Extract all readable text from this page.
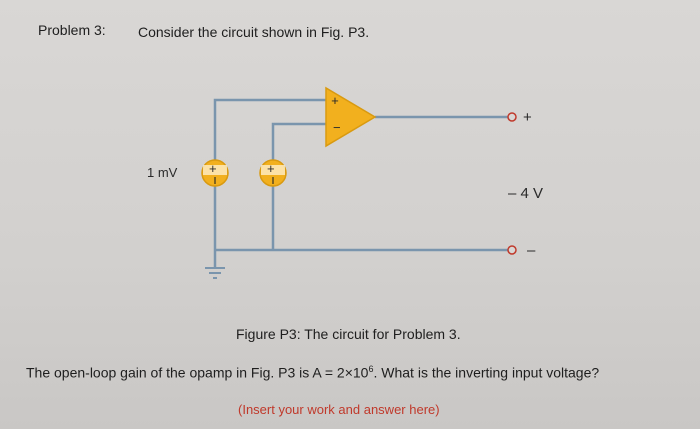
Problem 3: Consider the circuit shown in Fig. P3.
+
−
+	+
1 mV
+
–
– 4 V
Figure P3: The circuit for Problem 3.
The open-loop gain of the opamp in Fig. P3 is $A = 2\times 10^6$. What is the inverting input voltage?
(Insert your work and answer here)
